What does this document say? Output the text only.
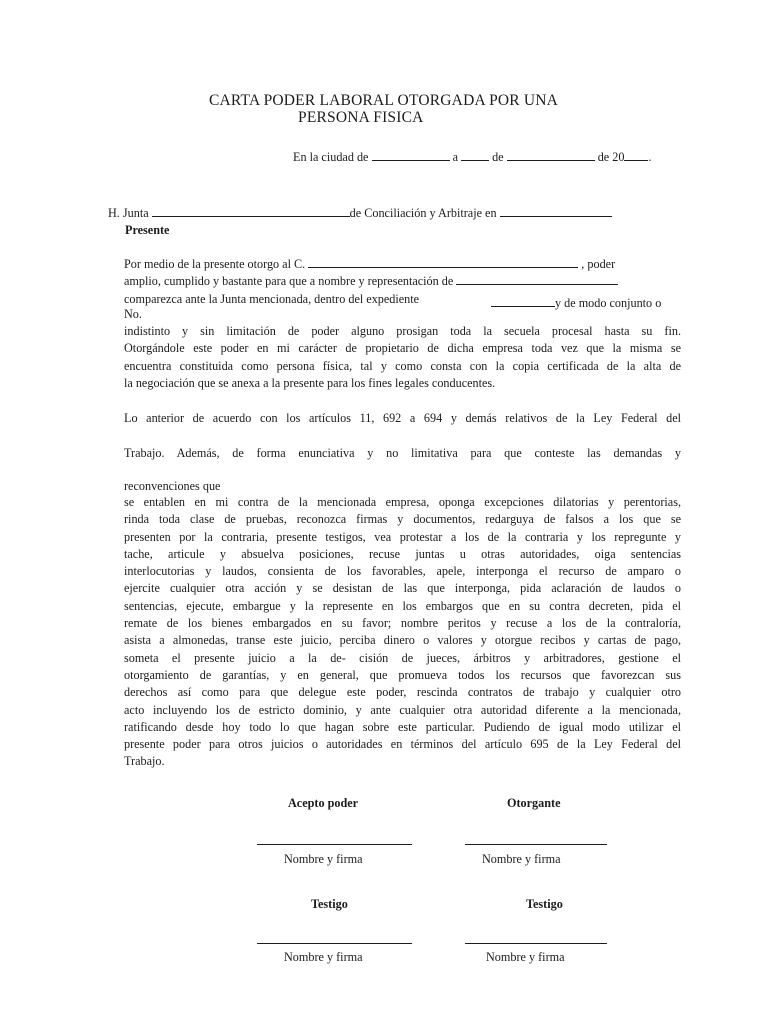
CARTA PODER LABORAL OTORGADA POR UNA
PERSONA FISICA
En la ciudad de	a	de	de 20 .
H. Junta	de Conciliación y Arbitraje en
Presente
Por medio de la presente otorgo al C.	, poder
amplio, cumplido y bastante para que a nombre y representación de
comparezca ante la Junta mencionada, dentro del expediente	y de modo conjunto o
No.
indistinto y sin limitación de poder alguno prosigan toda la secuela procesal hasta su fin.
Otorgándole este poder en mi carácter de propietario de dicha empresa toda vez que la misma se
encuentra constituida como persona física, tal y como consta con la copia certificada de la alta de
la negociación que se anexa a la presente para los fines legales conducentes.
Lo anterior de acuerdo con los artículos 11, 692 a 694 y demás relativos de la Ley Federal del
Trabajo. Además, de forma enunciativa y no limitativa para que conteste las demandas y
reconvenciones que
se entablen en mi contra de la mencionada empresa, oponga excepciones dilatorias y perentorias,
rinda toda clase de pruebas, reconozca firmas y documentos, redarguya de falsos a los que se
presenten por la contraria, presente testigos, vea protestar a los de la contraria y los repregunte y
tache, articule y absuelva posiciones, recuse juntas u otras autoridades, oiga sentencias
interlocutorias y laudos, consienta de los favorables, apele, interponga el recurso de amparo o
ejercite cualquier otra acción y se desistan de las que interponga, pida aclaración de laudos o
sentencias, ejecute, embargue y la represente en los embargos que en su contra decreten, pida el
remate de los bienes embargados en su favor; nombre peritos y recuse a los de la contraloría,
asista a almonedas, transe este juicio, perciba dinero o valores y otorgue recibos y cartas de pago,
someta el presente juicio a la de- cisión de jueces, árbitros y arbitradores, gestione el
otorgamiento de garantías, y en general, que promueva todos los recursos que favorezcan sus
derechos así como para que delegue este poder, rescinda contratos de trabajo y cualquier otro
acto incluyendo los de estricto dominio, y ante cualquier otra autoridad diferente a la mencionada,
ratificando desde hoy todo lo que hagan sobre este particular. Pudiendo de igual modo utilizar el
presente poder para otros juicios o autoridades en términos del artículo 695 de la Ley Federal del
Trabajo.
Acepto poder	Otorgante
Nombre y firma	Nombre y firma
Testigo	Testigo
Nombre y firma	Nombre y firma
